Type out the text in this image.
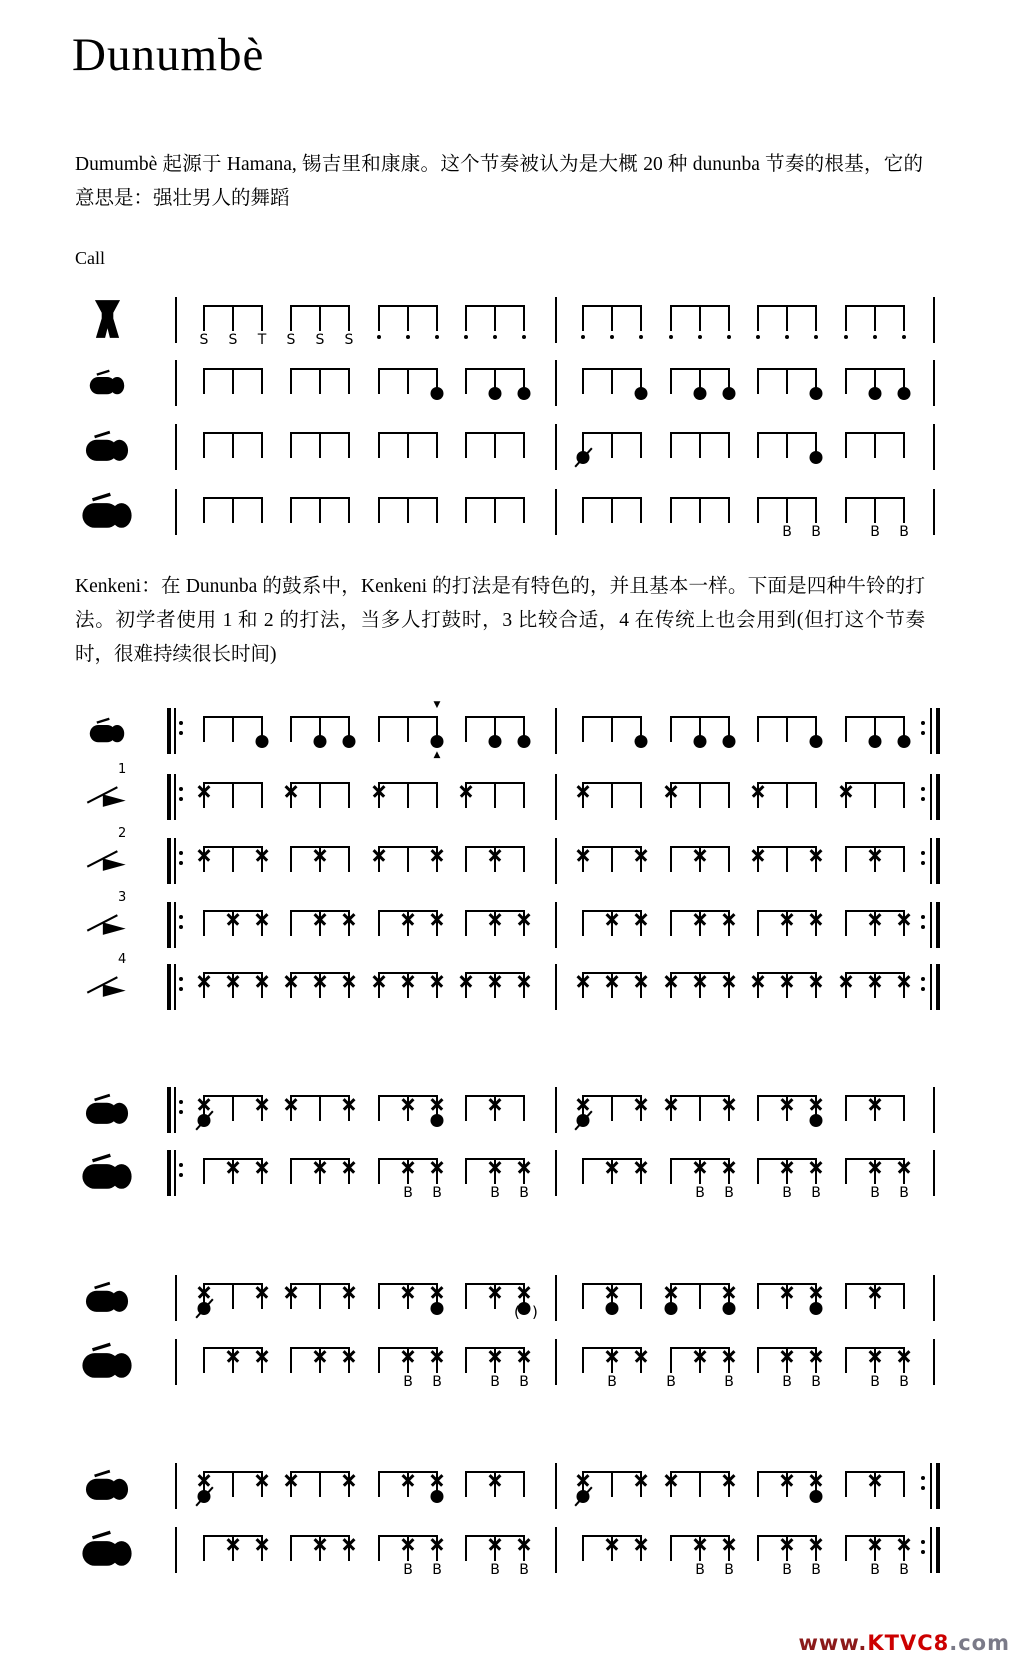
Dunumbè

Dumumbè 起源于 Hamana, 锡吉里和康康。这个节奏被认为是大概 20 种 dununba 节奏的根基，它的意思是：强壮男人的舞蹈

Call

Kenkeni：在 Dununba 的鼓系中，Kenkeni 的打法是有特色的，并且基本一样。下面是四种牛铃的打法。初学者使用 1 和 2 的打法，当多人打鼓时，3 比较合适，4 在传统上也会用到(但打这个节奏时，很难持续很长时间)

S S T S S S
B B	B B
▼
▲
1
2
3
4
B B	B B	B B	B B	B B
( )
B B	B B	B	B	B	B B	B B
B B	B B	B B	B B	B B
www.KTVC8.com
